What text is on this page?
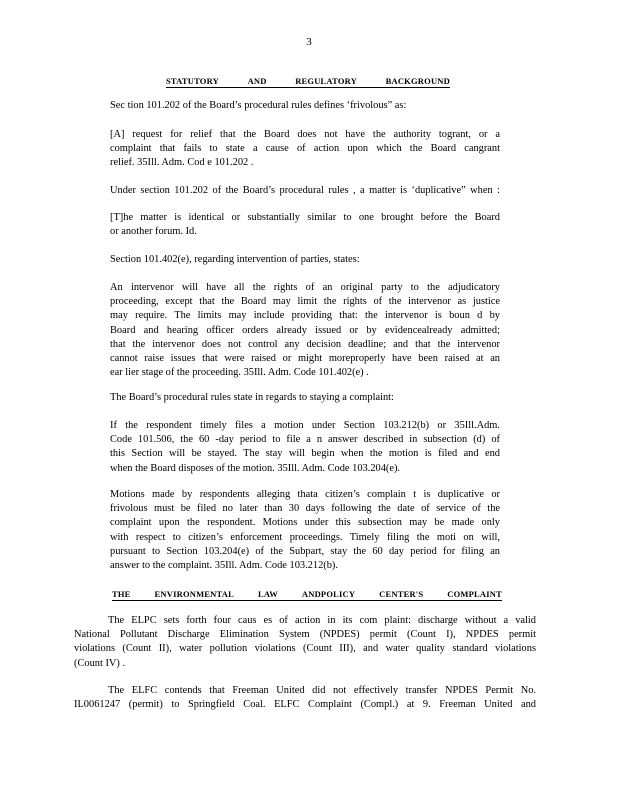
3
STATUTORY	AND	REGULATORY	BACKGROUND

Sec tion 101.202 of the Board’s procedural rules defines ‘frivolous” as:

[A] request for relief that the Board does not have the authority togrant, or a
complaint that fails to state a cause of action upon which the Board cangrant
relief. 35Ill. Adm. Cod e 101.202 .

Under section 101.202 of the Board’s procedural rules , a matter is ‘duplicative” when :

[T]he matter is identical or substantially similar to one brought before the Board
or another forum. Id.

Section 101.402(e), regarding intervention of parties, states:

An intervenor will have all the rights of an original party to the adjudicatory
proceeding, except that the Board may limit the rights of the intervenor as justice
may require. The limits may include providing that: the intervenor is boun d by
Board and hearing officer orders already issued or by evidencealready admitted;
that the intervenor does not control any decision deadline; and that the intervenor
cannot raise issues that were raised or might moreproperly have been raised at an
ear lier stage of the proceeding. 35Ill. Adm. Code 101.402(e) .

The Board’s procedural rules state in regards to staying a complaint:

If the respondent timely files a motion under Section 103.212(b) or 35Ill.Adm.
Code 101.506, the 60 -day period to file a n answer described in subsection (d) of
this Section will be stayed. The stay will begin when the motion is filed and end
when the Board disposes of the motion. 35Ill. Adm. Code 103.204(e).

Motions made by respondents alleging thata citizen’s complain t is duplicative or
frivolous must be filed no later than 30 days following the date of service of the
complaint upon the respondent. Motions under this subsection may be made only
with respect to citizen’s enforcement proceedings. Timely filing the moti on will,
pursuant to Section 103.204(e) of the Subpart, stay the 60 day period for filing an
answer to the complaint. 35Ill. Adm. Code 103.212(b).

THE	ENVIRONMENTAL	LAW	ANDPOLICY	CENTER'S	COMPLAINT
The ELPC sets forth four caus es of action in its com plaint: discharge without a valid
National Pollutant Discharge Elimination System (NPDES) permit (Count I), NPDES permit
violations (Count II), water pollution violations (Count III), and water quality standard violations
(Count IV) .
The ELFC contends that Freeman United did not effectively transfer NPDES Permit No.
IL0061247 (permit) to Springfield Coal. ELFC Complaint (Compl.) at 9. Freeman United and
